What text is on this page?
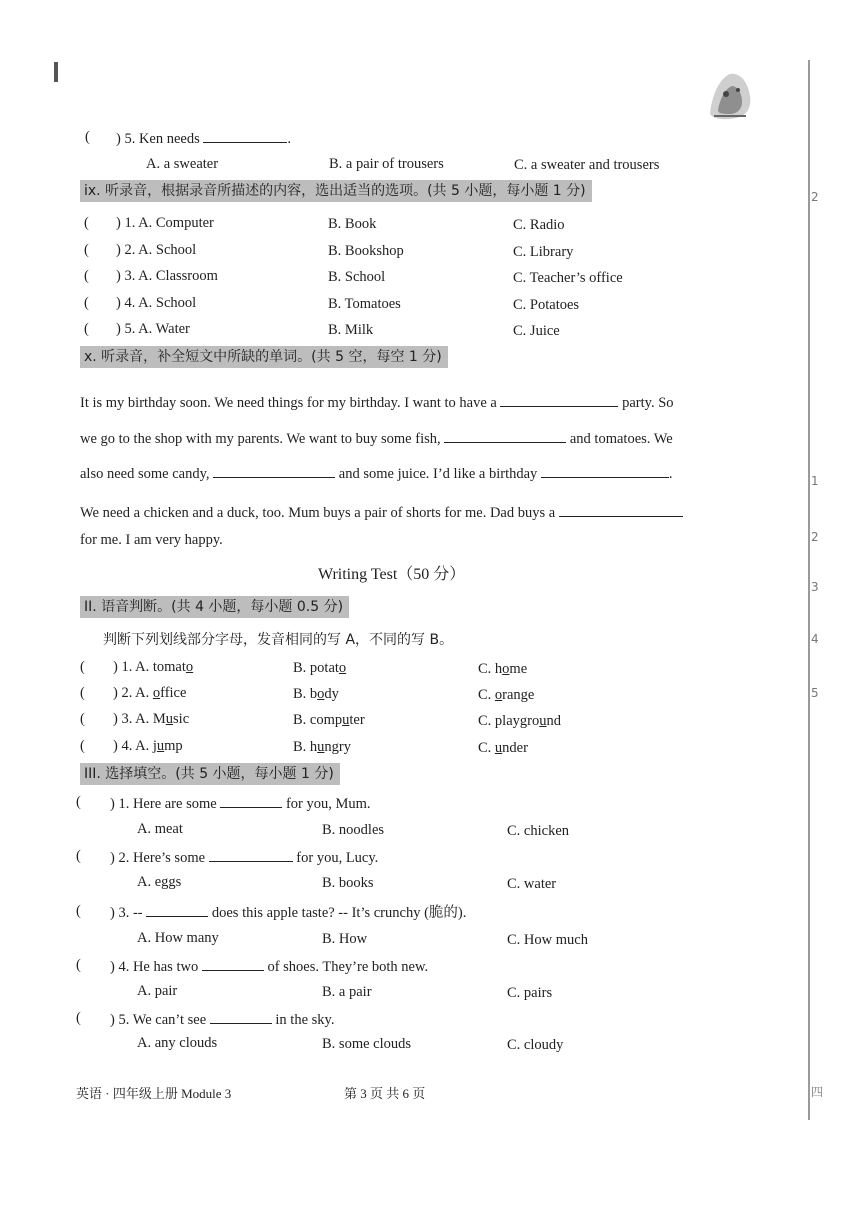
2
1
2
3
4
5
四
( ) 5. Ken needs	.
A. a sweater	B. a pair of trousers	C. a sweater and trousers
ix. 听录音，根据录音所描述的内容，选出适当的选项。(共 5 小题，每小题 1 分)
( ) 1. A. Computer	B. Book	C. Radio
( ) 2. A. School	B. Bookshop	C. Library
( ) 3. A. Classroom	B. School	C. Teacher’s office
( ) 4. A. School	B. Tomatoes	C. Potatoes
( ) 5. A. Water	B. Milk	C. Juice
x. 听录音，补全短文中所缺的单词。(共 5 空，每空 1 分)
It is my birthday soon. We need things for my birthday. I want to have a	party. So
we go to the shop with my parents. We want to buy some fish,	and tomatoes. We
also need some candy,	and some juice. I’d like a birthday	.
We need a chicken and a duck, too. Mum buys a pair of shorts for me. Dad buys a
for me. I am very happy.
Writing Test（50 分）
II. 语音判断。(共 4 小题，每小题 0.5 分)
判断下列划线部分字母，发音相同的写 A，不同的写 B。
( ) 1. A. tomato	B. potato	C. home
( ) 2. A. office	B. body	C. orange
( ) 3. A. Music	B. computer	C. playground
( ) 4. A. jump	B. hungry	C. under
III. 选择填空。(共 5 小题，每小题 1 分)
( ) 1. Here are some	for you, Mum.
A. meat	B. noodles	C. chicken
( ) 2. Here’s some	for you, Lucy.
A. eggs	B. books	C. water
( ) 3. --	does this apple taste? -- It’s crunchy (脆的).
A. How many	B. How	C. How much
( ) 4. He has two	of shoes. They’re both new.
A. pair	B. a pair	C. pairs
( ) 5. We can’t see	in the sky.
A. any clouds	B. some clouds	C. cloudy
英语 · 四年级上册 Module 3	第 3 页 共 6 页
